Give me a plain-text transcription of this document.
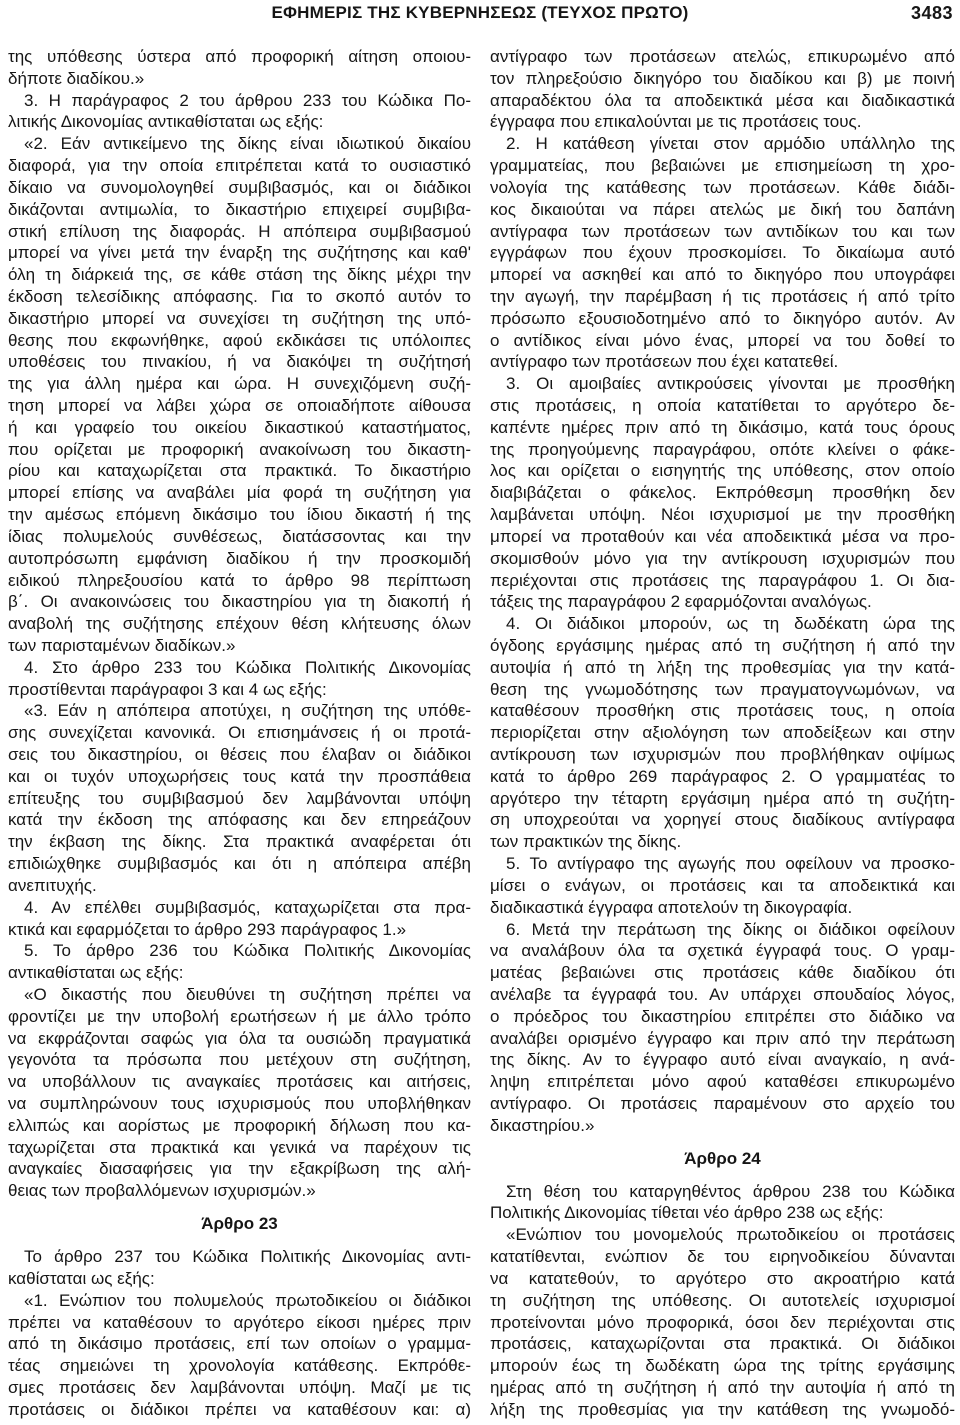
ΕΦΗΜΕΡΙΣ ΤΗΣ ΚΥΒΕΡΝΗΣΕΩΣ (ΤΕΥΧΟΣ ΠΡΩΤΟ)	3483
της υπόθεσης ύστερα από προφορική αίτηση οποιου-
δήποτε διαδίκου.»
3. Η παράγραφος 2 του άρθρου 233 του Κώδικα Πο-
λιτικής Δικονομίας αντικαθίσταται ως εξής:
«2. Εάν αντικείμενο της δίκης είναι ιδιωτικού δικαίου
διαφορά, για την οποία επιτρέπεται κατά το ουσιαστικό
δίκαιο να συνομολογηθεί συμβιβασμός, και οι διάδικοι
δικάζονται αντιμωλία, το δικαστήριο επιχειρεί συμβιβα-
στική επίλυση της διαφοράς. Η απόπειρα συμβιβασμού
μπορεί να γίνει μετά την έναρξη της συζήτησης και καθ'
όλη τη διάρκειά της, σε κάθε στάση της δίκης μέχρι την
έκδοση τελεσίδικης απόφασης. Για το σκοπό αυτόν το
δικαστήριο μπορεί να συνεχίσει τη συζήτηση της υπό-
θεσης που εκφωνήθηκε, αφού εκδικάσει τις υπόλοιπες
υποθέσεις του πινακίου, ή να διακόψει τη συζήτησή
της για άλλη ημέρα και ώρα. Η συνεχιζόμενη συζή-
τηση μπορεί να λάβει χώρα σε οποιαδήποτε αίθουσα
ή και γραφείο του οικείου δικαστικού καταστήματος,
που ορίζεται με προφορική ανακοίνωση του δικαστη-
ρίου και καταχωρίζεται στα πρακτικά. Το δικαστήριο
μπορεί επίσης να αναβάλει μία φορά τη συζήτηση για
την αμέσως επόμενη δικάσιμο του ίδιου δικαστή ή της
ίδιας πολυμελούς συνθέσεως, διατάσσοντας και την
αυτοπρόσωπη εμφάνιση διαδίκου ή την προσκομιδή
ειδικού πληρεξουσίου κατά το άρθρο 98 περίπτωση
β΄. Οι ανακοινώσεις του δικαστηρίου για τη διακοπή ή
αναβολή της συζήτησης επέχουν θέση κλήτευσης όλων
των παρισταμένων διαδίκων.»
4. Στο άρθρο 233 του Κώδικα Πολιτικής Δικονομίας
προστίθενται παράγραφοι 3 και 4 ως εξής:
«3. Εάν η απόπειρα αποτύχει, η συζήτηση της υπόθε-
σης συνεχίζεται κανονικά. Οι επισημάνσεις ή οι προτά-
σεις του δικαστηρίου, οι θέσεις που έλαβαν οι διάδικοι
και οι τυχόν υποχωρήσεις τους κατά την προσπάθεια
επίτευξης του συμβιβασμού δεν λαμβάνονται υπόψη
κατά την έκδοση της απόφασης και δεν επηρεάζουν
την έκβαση της δίκης. Στα πρακτικά αναφέρεται ότι
επιδιώχθηκε συμβιβασμός και ότι η απόπειρα απέβη
ανεπιτυχής.
4. Αν επέλθει συμβιβασμός, καταχωρίζεται στα πρα-
κτικά και εφαρμόζεται το άρθρο 293 παράγραφος 1.»
5. Το άρθρο 236 του Κώδικα Πολιτικής Δικονομίας
αντικαθίσταται ως εξής:
«Ο δικαστής που διευθύνει τη συζήτηση πρέπει να
φροντίζει με την υποβολή ερωτήσεων ή με άλλο τρόπο
να εκφράζονται σαφώς για όλα τα ουσιώδη πραγματικά
γεγονότα τα πρόσωπα που μετέχουν στη συζήτηση,
να υποβάλλουν τις αναγκαίες προτάσεις και αιτήσεις,
να συμπληρώνουν τους ισχυρισμούς που υποβλήθηκαν
ελλιπώς και αορίστως με προφορική δήλωση που κα-
ταχωρίζεται στα πρακτικά και γενικά να παρέχουν τις
αναγκαίες διασαφήσεις για την εξακρίβωση της αλή-
θειας των προβαλλόμενων ισχυρισμών.»
Άρθρο 23
Το άρθρο 237 του Κώδικα Πολιτικής Δικονομίας αντι-
καθίσταται ως εξής:
«1. Ενώπιον του πολυμελούς πρωτοδικείου οι διάδικοι
πρέπει να καταθέσουν το αργότερο είκοσι ημέρες πριν
από τη δικάσιμο προτάσεις, επί των οποίων ο γραμμα-
τέας σημειώνει τη χρονολογία κατάθεσης. Εκπρόθε-
σμες προτάσεις δεν λαμβάνονται υπόψη. Μαζί με τις
προτάσεις οι διάδικοι πρέπει να καταθέσουν και: α)
αντίγραφο των προτάσεων ατελώς, επικυρωμένο από
τον πληρεξούσιο δικηγόρο του διαδίκου και β) με ποινή
απαραδέκτου όλα τα αποδεικτικά μέσα και διαδικαστικά
έγγραφα που επικαλούνται με τις προτάσεις τους.
2. Η κατάθεση γίνεται στον αρμόδιο υπάλληλο της
γραμματείας, που βεβαιώνει με επισημείωση τη χρο-
νολογία της κατάθεσης των προτάσεων. Κάθε διάδι-
κος δικαιούται να πάρει ατελώς με δική του δαπάνη
αντίγραφα των προτάσεων των αντιδίκων του και των
εγγράφων που έχουν προσκομίσει. Το δικαίωμα αυτό
μπορεί να ασκηθεί και από το δικηγόρο που υπογράφει
την αγωγή, την παρέμβαση ή τις προτάσεις ή από τρίτο
πρόσωπο εξουσιοδοτημένο από το δικηγόρο αυτόν. Αν
ο αντίδικος είναι μόνο ένας, μπορεί να του δοθεί το
αντίγραφο των προτάσεων που έχει κατατεθεί.
3. Οι αμοιβαίες αντικρούσεις γίνονται με προσθήκη
στις προτάσεις, η οποία κατατίθεται το αργότερο δε-
καπέντε ημέρες πριν από τη δικάσιμο, κατά τους όρους
της προηγούμενης παραγράφου, οπότε κλείνει ο φάκε-
λος και ορίζεται ο εισηγητής της υπόθεσης, στον οποίο
διαβιβάζεται ο φάκελος. Εκπρόθεσμη προσθήκη δεν
λαμβάνεται υπόψη. Νέοι ισχυρισμοί με την προσθήκη
μπορεί να προταθούν και νέα αποδεικτικά μέσα να προ-
σκομισθούν μόνο για την αντίκρουση ισχυρισμών που
περιέχονται στις προτάσεις της παραγράφου 1. Οι δια-
τάξεις της παραγράφου 2 εφαρμόζονται αναλόγως.
4. Οι διάδικοι μπορούν, ως τη δωδέκατη ώρα της
όγδοης εργάσιμης ημέρας από τη συζήτηση ή από την
αυτοψία ή από τη λήξη της προθεσμίας για την κατά-
θεση της γνωμοδότησης των πραγματογνωμόνων, να
καταθέσουν προσθήκη στις προτάσεις τους, η οποία
περιορίζεται στην αξιολόγηση των αποδείξεων και στην
αντίκρουση των ισχυρισμών που προβλήθηκαν οψίμως
κατά το άρθρο 269 παράγραφος 2. Ο γραμματέας το
αργότερο την τέταρτη εργάσιμη ημέρα από τη συζήτη-
ση υποχρεούται να χορηγεί στους διαδίκους αντίγραφα
των πρακτικών της δίκης.
5. Το αντίγραφο της αγωγής που οφείλουν να προσκο-
μίσει ο ενάγων, οι προτάσεις και τα αποδεικτικά και
διαδικαστικά έγγραφα αποτελούν τη δικογραφία.
6. Μετά την περάτωση της δίκης οι διάδικοι οφείλουν
να αναλάβουν όλα τα σχετικά έγγραφά τους. Ο γραμ-
ματέας βεβαιώνει στις προτάσεις κάθε διαδίκου ότι
ανέλαβε τα έγγραφά του. Αν υπάρχει σπουδαίος λόγος,
ο πρόεδρος του δικαστηρίου επιτρέπει στο διάδικο να
αναλάβει ορισμένο έγγραφο και πριν από την περάτωση
της δίκης. Αν το έγγραφο αυτό είναι αναγκαίο, η ανά-
ληψη επιτρέπεται μόνο αφού καταθέσει επικυρωμένο
αντίγραφο. Οι προτάσεις παραμένουν στο αρχείο του
δικαστηρίου.»
Άρθρο 24
Στη θέση του καταργηθέντος άρθρου 238 του Κώδικα
Πολιτικής Δικονομίας τίθεται νέο άρθρο 238 ως εξής:
«Ενώπιον του μονομελούς πρωτοδικείου οι προτάσεις
κατατίθενται, ενώπιον δε του ειρηνοδικείου δύνανται
να κατατεθούν, το αργότερο στο ακροατήριο κατά
τη συζήτηση της υπόθεσης. Οι αυτοτελείς ισχυρισμοί
προτείνονται μόνο προφορικά, όσοι δεν περιέχονται στις
προτάσεις, καταχωρίζονται στα πρακτικά. Οι διάδικοι
μπορούν έως τη δωδέκατη ώρα της τρίτης εργάσιμης
ημέρας από τη συζήτηση ή από την αυτοψία ή από τη
λήξη της προθεσμίας για την κατάθεση της γνωμοδό-
